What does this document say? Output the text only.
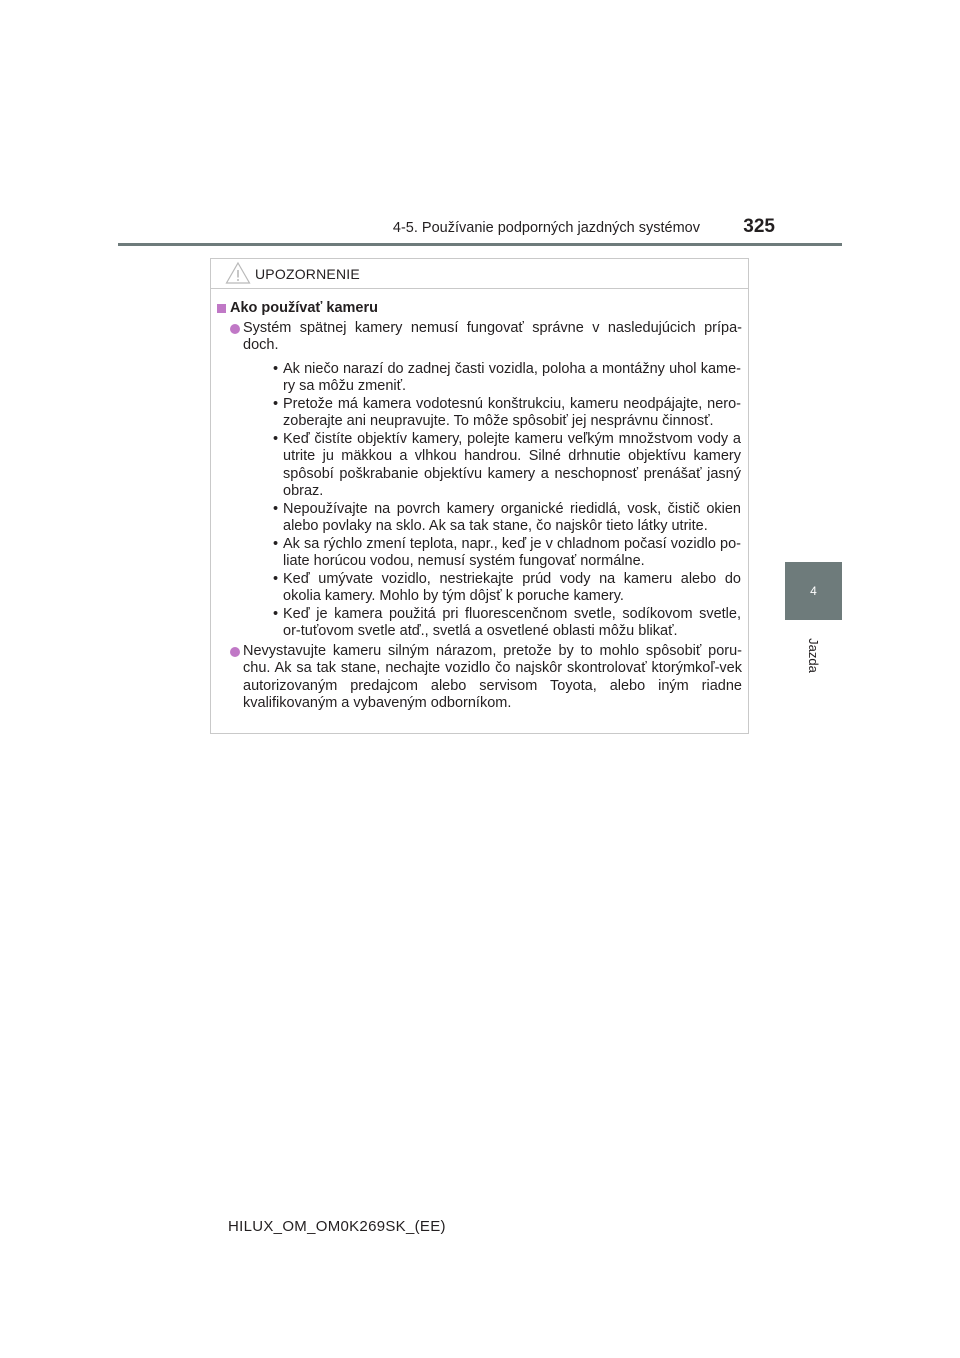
4-5. Používanie podporných jazdných systémov	325
4
Jazda
UPOZORNENIE
Ako používať kameru
Systém spätnej kamery nemusí fungovať správne v nasledujúcich prípa-doch.
• Ak niečo narazí do zadnej časti vozidla, poloha a montážny uhol kame-ry sa môžu zmeniť.
• Pretože má kamera vodotesnú konštrukciu, kameru neodpájajte, nero-zoberajte ani neupravujte. To môže spôsobiť jej nesprávnu činnosť.
• Keď čistíte objektív kamery, polejte kameru veľkým množstvom vody a utrite ju mäkkou a vlhkou handrou. Silné drhnutie objektívu kamery spôsobí poškrabanie objektívu kamery a neschopnosť prenášať jasný obraz.
• Nepoužívajte na povrch kamery organické riedidlá, vosk, čistič okien alebo povlaky na sklo. Ak sa tak stane, čo najskôr tieto látky utrite.
• Ak sa rýchlo zmení teplota, napr., keď je v chladnom počasí vozidlo po-liate horúcou vodou, nemusí systém fungovať normálne.
• Keď umývate vozidlo, nestriekajte prúd vody na kameru alebo do okolia kamery. Mohlo by tým dôjsť k poruche kamery.
• Keď je kamera použitá pri fluorescenčnom svetle, sodíkovom svetle, or-tuťovom svetle atď., svetlá a osvetlené oblasti môžu blikať.
Nevystavujte kameru silným nárazom, pretože by to mohlo spôsobiť poru-chu. Ak sa tak stane, nechajte vozidlo čo najskôr skontrolovať ktorýmkoľ-vek autorizovaným predajcom alebo servisom Toyota, alebo iným riadne kvalifikovaným a vybaveným odborníkom.
HILUX_OM_OM0K269SK_(EE)
